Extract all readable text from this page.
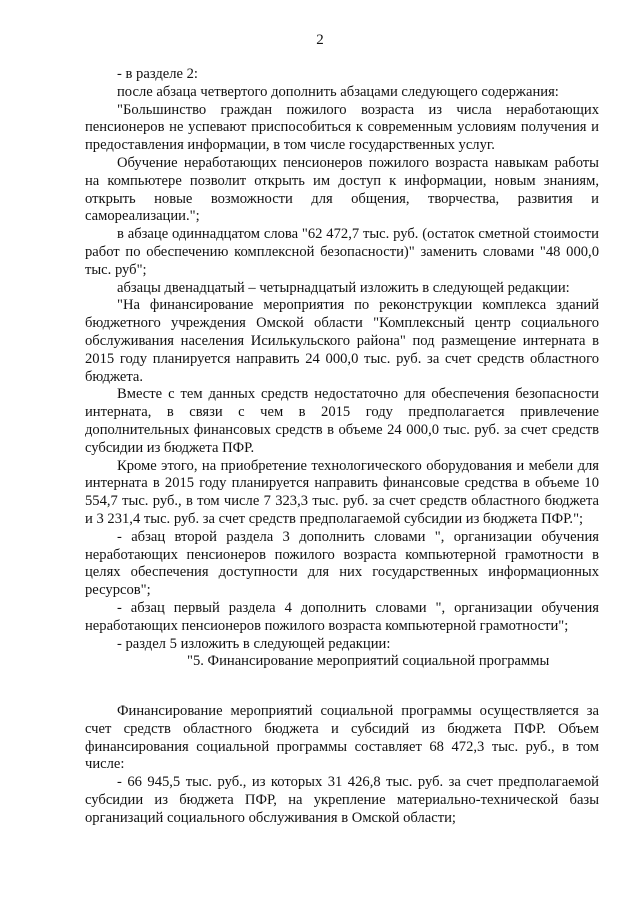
2

- в разделе 2:

после абзаца четвертого дополнить абзацами следующего содержания:

"Большинство граждан пожилого возраста из числа неработающих пенсионеров не успевают приспособиться к современным условиям получения и предоставления информации, в том числе государственных услуг.

Обучение неработающих пенсионеров пожилого возраста навыкам работы на компьютере позволит открыть им доступ к информации, новым знаниям, открыть новые возможности для общения, творчества, развития и самореализации.";

в абзаце одиннадцатом слова "62 472,7 тыс. руб. (остаток сметной стоимости работ по обеспечению комплексной безопасности)" заменить словами "48 000,0 тыс. руб";

абзацы двенадцатый – четырнадцатый изложить в следующей редакции:

"На финансирование мероприятия по реконструкции комплекса зданий бюджетного учреждения Омской области "Комплексный центр социального обслуживания населения Исилькульского района" под размещение интерната в 2015 году планируется направить 24 000,0 тыс. руб. за счет средств областного бюджета.

Вместе с тем данных средств недостаточно для обеспечения безопасности интерната, в связи с чем в 2015 году предполагается привлечение дополнительных финансовых средств в объеме 24 000,0 тыс. руб. за счет средств субсидии из бюджета ПФР.

Кроме этого, на приобретение технологического оборудования и мебели для интерната в 2015 году планируется направить финансовые средства в объеме 10 554,7 тыс. руб., в том числе 7 323,3 тыс. руб. за счет средств областного бюджета и 3 231,4 тыс. руб. за счет средств предполагаемой субсидии из бюджета ПФР.";

- абзац второй раздела 3 дополнить словами ", организации обучения неработающих пенсионеров пожилого возраста компьютерной грамотности в целях обеспечения доступности для них государственных информационных ресурсов";

- абзац первый раздела 4 дополнить словами ", организации обучения неработающих пенсионеров пожилого возраста компьютерной грамотности";

- раздел 5 изложить в следующей редакции:

"5. Финансирование мероприятий социальной программы

Финансирование мероприятий социальной программы осуществляется за счет средств областного бюджета и субсидий из бюджета ПФР. Объем финансирования социальной программы составляет 68 472,3 тыс. руб., в том числе:

- 66 945,5 тыс. руб., из которых 31 426,8 тыс. руб. за счет предполагаемой субсидии из бюджета ПФР, на укрепление материально-технической базы организаций социального обслуживания в Омской области;
